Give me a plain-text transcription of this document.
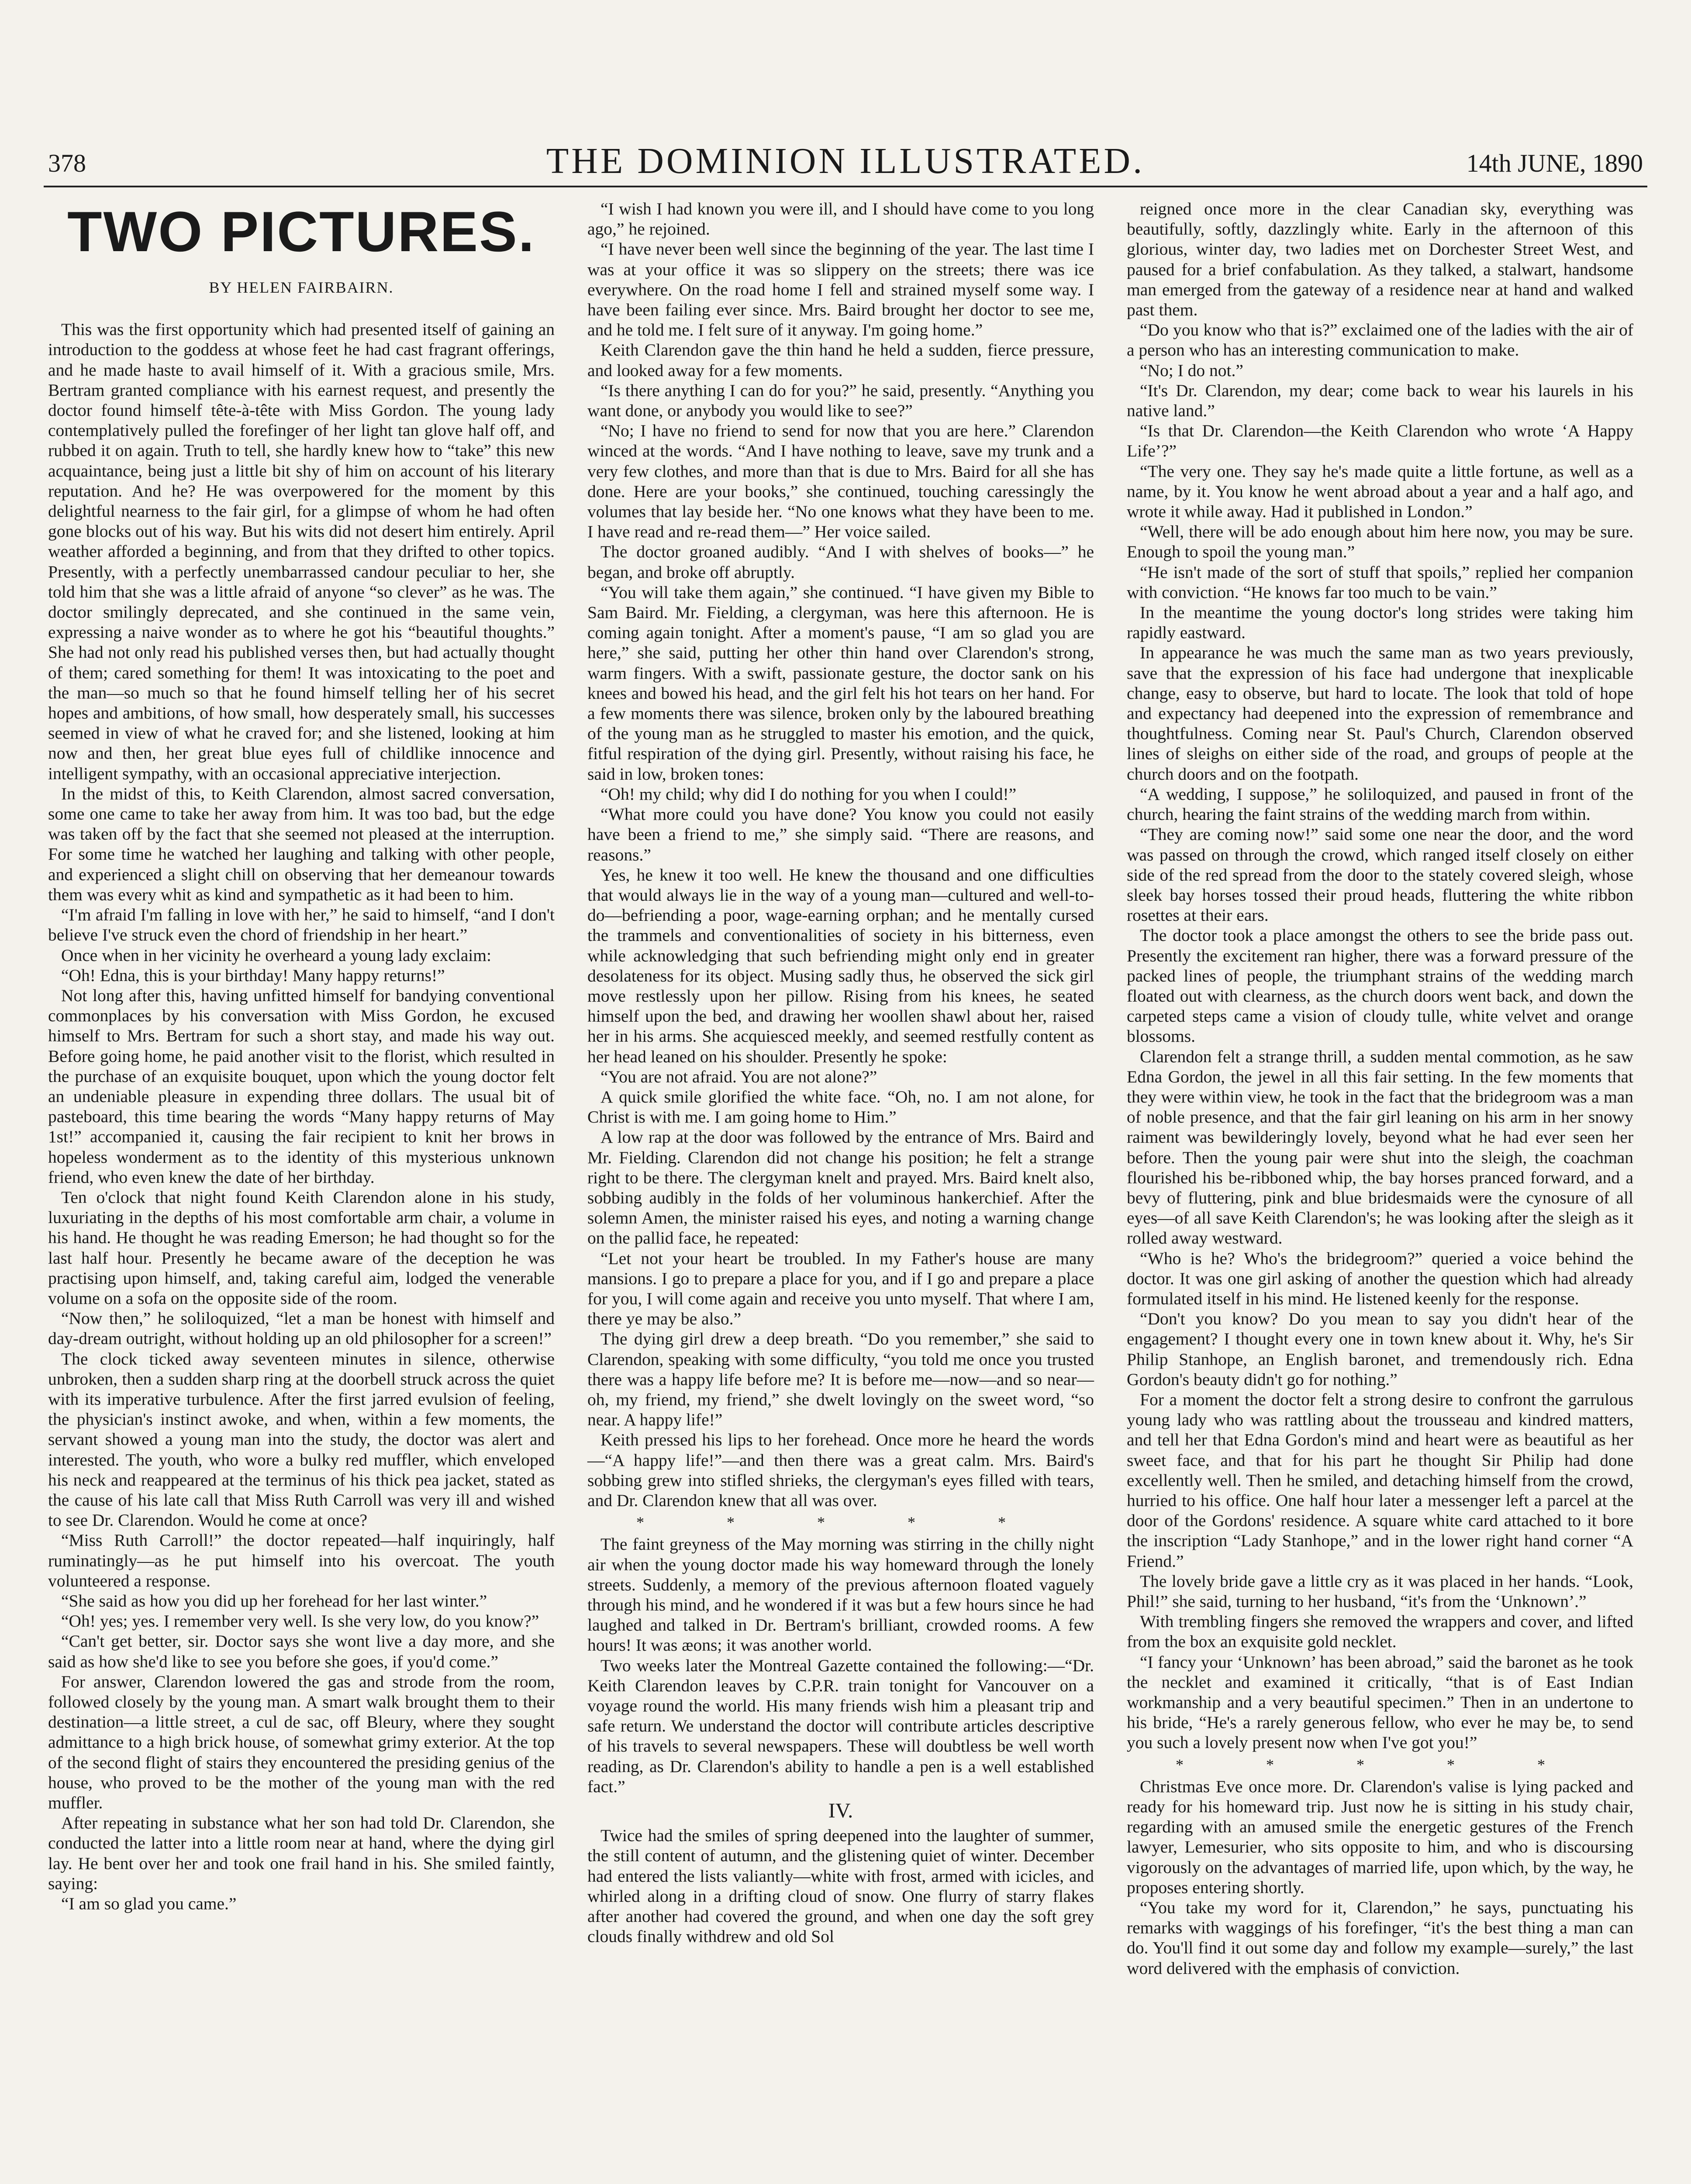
378	THE DOMINION ILLUSTRATED.	14th JUNE, 1890
TWO PICTURES.
BY HELEN FAIRBAIRN.

This was the first opportunity which had presented itself of gaining an introduction to the goddess at whose feet he had cast fragrant offerings, and he made haste to avail himself of it. With a gracious smile, Mrs. Bertram granted compliance with his earnest request, and presently the doctor found himself tête-à-tête with Miss Gordon. The young lady contemplatively pulled the forefinger of her light tan glove half off, and rubbed it on again. Truth to tell, she hardly knew how to “take” this new acquaintance, being just a little bit shy of him on account of his literary reputation. And he? He was overpowered for the moment by this delightful nearness to the fair girl, for a glimpse of whom he had often gone blocks out of his way. But his wits did not desert him entirely. April weather afforded a beginning, and from that they drifted to other topics. Presently, with a perfectly unembarrassed candour peculiar to her, she told him that she was a little afraid of anyone “so clever” as he was. The doctor smilingly deprecated, and she continued in the same vein, expressing a naive wonder as to where he got his “beautiful thoughts.” She had not only read his published verses then, but had actually thought of them; cared something for them! It was intoxicating to the poet and the man—so much so that he found himself telling her of his secret hopes and ambitions, of how small, how desperately small, his successes seemed in view of what he craved for; and she listened, looking at him now and then, her great blue eyes full of childlike innocence and intelligent sympathy, with an occasional appreciative interjection.

In the midst of this, to Keith Clarendon, almost sacred conversation, some one came to take her away from him. It was too bad, but the edge was taken off by the fact that she seemed not pleased at the interruption. For some time he watched her laughing and talking with other people, and experienced a slight chill on observing that her demeanour towards them was every whit as kind and sympathetic as it had been to him.

“I'm afraid I'm falling in love with her,” he said to himself, “and I don't believe I've struck even the chord of friendship in her heart.”

Once when in her vicinity he overheard a young lady exclaim:

“Oh! Edna, this is your birthday! Many happy returns!”

Not long after this, having unfitted himself for bandying conventional commonplaces by his conversation with Miss Gordon, he excused himself to Mrs. Bertram for such a short stay, and made his way out. Before going home, he paid another visit to the florist, which resulted in the purchase of an exquisite bouquet, upon which the young doctor felt an undeniable pleasure in expending three dollars. The usual bit of pasteboard, this time bearing the words “Many happy returns of May 1st!” accompanied it, causing the fair recipient to knit her brows in hopeless wonderment as to the identity of this mysterious unknown friend, who even knew the date of her birthday.

Ten o'clock that night found Keith Clarendon alone in his study, luxuriating in the depths of his most comfortable arm chair, a volume in his hand. He thought he was reading Emerson; he had thought so for the last half hour. Presently he became aware of the deception he was practising upon himself, and, taking careful aim, lodged the venerable volume on a sofa on the opposite side of the room.

“Now then,” he soliloquized, “let a man be honest with himself and day-dream outright, without holding up an old philosopher for a screen!”

The clock ticked away seventeen minutes in silence, otherwise unbroken, then a sudden sharp ring at the doorbell struck across the quiet with its imperative turbulence. After the first jarred evulsion of feeling, the physician's instinct awoke, and when, within a few moments, the servant showed a young man into the study, the doctor was alert and interested. The youth, who wore a bulky red muffler, which enveloped his neck and reappeared at the terminus of his thick pea jacket, stated as the cause of his late call that Miss Ruth Carroll was very ill and wished to see Dr. Clarendon. Would he come at once?

“Miss Ruth Carroll!” the doctor repeated—half inquiringly, half ruminatingly—as he put himself into his overcoat. The youth volunteered a response.

“She said as how you did up her forehead for her last winter.”

“Oh! yes; yes. I remember very well. Is she very low, do you know?”

“Can't get better, sir. Doctor says she wont live a day more, and she said as how she'd like to see you before she goes, if you'd come.”

For answer, Clarendon lowered the gas and strode from the room, followed closely by the young man. A smart walk brought them to their destination—a little street, a cul de sac, off Bleury, where they sought admittance to a high brick house, of somewhat grimy exterior. At the top of the second flight of stairs they encountered the presiding genius of the house, who proved to be the mother of the young man with the red muffler.

After repeating in substance what her son had told Dr. Clarendon, she conducted the latter into a little room near at hand, where the dying girl lay. He bent over her and took one frail hand in his. She smiled faintly, saying:

“I am so glad you came.”

“I wish I had known you were ill, and I should have come to you long ago,” he rejoined.

“I have never been well since the beginning of the year. The last time I was at your office it was so slippery on the streets; there was ice everywhere. On the road home I fell and strained myself some way. I have been failing ever since. Mrs. Baird brought her doctor to see me, and he told me. I felt sure of it anyway. I'm going home.”

Keith Clarendon gave the thin hand he held a sudden, fierce pressure, and looked away for a few moments.

“Is there anything I can do for you?” he said, presently. “Anything you want done, or anybody you would like to see?”

“No; I have no friend to send for now that you are here.” Clarendon winced at the words. “And I have nothing to leave, save my trunk and a very few clothes, and more than that is due to Mrs. Baird for all she has done. Here are your books,” she continued, touching caressingly the volumes that lay beside her. “No one knows what they have been to me. I have read and re-read them—” Her voice sailed.

The doctor groaned audibly. “And I with shelves of books—” he began, and broke off abruptly.

“You will take them again,” she continued. “I have given my Bible to Sam Baird. Mr. Fielding, a clergyman, was here this afternoon. He is coming again tonight. After a moment's pause, “I am so glad you are here,” she said, putting her other thin hand over Clarendon's strong, warm fingers. With a swift, passionate gesture, the doctor sank on his knees and bowed his head, and the girl felt his hot tears on her hand. For a few moments there was silence, broken only by the laboured breathing of the young man as he struggled to master his emotion, and the quick, fitful respiration of the dying girl. Presently, without raising his face, he said in low, broken tones:

“Oh! my child; why did I do nothing for you when I could!”

“What more could you have done? You know you could not easily have been a friend to me,” she simply said. “There are reasons, and reasons.”

Yes, he knew it too well. He knew the thousand and one difficulties that would always lie in the way of a young man—cultured and well-to-do—befriending a poor, wage-earning orphan; and he mentally cursed the trammels and conventionalities of society in his bitterness, even while acknowledging that such befriending might only end in greater desolateness for its object. Musing sadly thus, he observed the sick girl move restlessly upon her pillow. Rising from his knees, he seated himself upon the bed, and drawing her woollen shawl about her, raised her in his arms. She acquiesced meekly, and seemed restfully content as her head leaned on his shoulder. Presently he spoke:

“You are not afraid. You are not alone?”

A quick smile glorified the white face. “Oh, no. I am not alone, for Christ is with me. I am going home to Him.”

A low rap at the door was followed by the entrance of Mrs. Baird and Mr. Fielding. Clarendon did not change his position; he felt a strange right to be there. The clergyman knelt and prayed. Mrs. Baird knelt also, sobbing audibly in the folds of her voluminous hankerchief. After the solemn Amen, the minister raised his eyes, and noting a warning change on the pallid face, he repeated:

“Let not your heart be troubled. In my Father's house are many mansions. I go to prepare a place for you, and if I go and prepare a place for you, I will come again and receive you unto myself. That where I am, there ye may be also.”

The dying girl drew a deep breath. “Do you remember,” she said to Clarendon, speaking with some difficulty, “you told me once you trusted there was a happy life before me? It is before me—now—and so near—oh, my friend, my friend,” she dwelt lovingly on the sweet word, “so near. A happy life!”

Keith pressed his lips to her forehead. Once more he heard the words—“A happy life!”—and then there was a great calm. Mrs. Baird's sobbing grew into stifled shrieks, the clergyman's eyes filled with tears, and Dr. Clarendon knew that all was over.

* * * * *

The faint greyness of the May morning was stirring in the chilly night air when the young doctor made his way homeward through the lonely streets. Suddenly, a memory of the previous afternoon floated vaguely through his mind, and he wondered if it was but a few hours since he had laughed and talked in Dr. Bertram's brilliant, crowded rooms. A few hours! It was æons; it was another world.

Two weeks later the Montreal Gazette contained the following:—“Dr. Keith Clarendon leaves by C.P.R. train tonight for Vancouver on a voyage round the world. His many friends wish him a pleasant trip and safe return. We understand the doctor will contribute articles descriptive of his travels to several newspapers. These will doubtless be well worth reading, as Dr. Clarendon's ability to handle a pen is a well established fact.”

IV.

Twice had the smiles of spring deepened into the laughter of summer, the still content of autumn, and the glistening quiet of winter. December had entered the lists valiantly—white with frost, armed with icicles, and whirled along in a drifting cloud of snow. One flurry of starry flakes after another had covered the ground, and when one day the soft grey clouds finally withdrew and old Sol

reigned once more in the clear Canadian sky, everything was beautifully, softly, dazzlingly white. Early in the afternoon of this glorious, winter day, two ladies met on Dorchester Street West, and paused for a brief confabulation. As they talked, a stalwart, handsome man emerged from the gateway of a residence near at hand and walked past them.

“Do you know who that is?” exclaimed one of the ladies with the air of a person who has an interesting communication to make.

“No; I do not.”

“It's Dr. Clarendon, my dear; come back to wear his laurels in his native land.”

“Is that Dr. Clarendon—the Keith Clarendon who wrote ‘A Happy Life’?”

“The very one. They say he's made quite a little fortune, as well as a name, by it. You know he went abroad about a year and a half ago, and wrote it while away. Had it published in London.”

“Well, there will be ado enough about him here now, you may be sure. Enough to spoil the young man.”

“He isn't made of the sort of stuff that spoils,” replied her companion with conviction. “He knows far too much to be vain.”

In the meantime the young doctor's long strides were taking him rapidly eastward.

In appearance he was much the same man as two years previously, save that the expression of his face had undergone that inexplicable change, easy to observe, but hard to locate. The look that told of hope and expectancy had deepened into the expression of remembrance and thoughtfulness. Coming near St. Paul's Church, Clarendon observed lines of sleighs on either side of the road, and groups of people at the church doors and on the footpath.

“A wedding, I suppose,” he soliloquized, and paused in front of the church, hearing the faint strains of the wedding march from within.

“They are coming now!” said some one near the door, and the word was passed on through the crowd, which ranged itself closely on either side of the red spread from the door to the stately covered sleigh, whose sleek bay horses tossed their proud heads, fluttering the white ribbon rosettes at their ears.

The doctor took a place amongst the others to see the bride pass out. Presently the excitement ran higher, there was a forward pressure of the packed lines of people, the triumphant strains of the wedding march floated out with clearness, as the church doors went back, and down the carpeted steps came a vision of cloudy tulle, white velvet and orange blossoms.

Clarendon felt a strange thrill, a sudden mental commotion, as he saw Edna Gordon, the jewel in all this fair setting. In the few moments that they were within view, he took in the fact that the bridegroom was a man of noble presence, and that the fair girl leaning on his arm in her snowy raiment was bewilderingly lovely, beyond what he had ever seen her before. Then the young pair were shut into the sleigh, the coachman flourished his be-ribboned whip, the bay horses pranced forward, and a bevy of fluttering, pink and blue bridesmaids were the cynosure of all eyes—of all save Keith Clarendon's; he was looking after the sleigh as it rolled away westward.

“Who is he? Who's the bridegroom?” queried a voice behind the doctor. It was one girl asking of another the question which had already formulated itself in his mind. He listened keenly for the response.

“Don't you know? Do you mean to say you didn't hear of the engagement? I thought every one in town knew about it. Why, he's Sir Philip Stanhope, an English baronet, and tremendously rich. Edna Gordon's beauty didn't go for nothing.”

For a moment the doctor felt a strong desire to confront the garrulous young lady who was rattling about the trousseau and kindred matters, and tell her that Edna Gordon's mind and heart were as beautiful as her sweet face, and that for his part he thought Sir Philip had done excellently well. Then he smiled, and detaching himself from the crowd, hurried to his office. One half hour later a messenger left a parcel at the door of the Gordons' residence. A square white card attached to it bore the inscription “Lady Stanhope,” and in the lower right hand corner “A Friend.”

The lovely bride gave a little cry as it was placed in her hands. “Look, Phil!” she said, turning to her husband, “it's from the ‘Unknown’.”

With trembling fingers she removed the wrappers and cover, and lifted from the box an exquisite gold necklet.

“I fancy your ‘Unknown’ has been abroad,” said the baronet as he took the necklet and examined it critically, “that is of East Indian workmanship and a very beautiful specimen.” Then in an undertone to his bride, “He's a rarely generous fellow, who ever he may be, to send you such a lovely present now when I've got you!”

* * * * *

Christmas Eve once more. Dr. Clarendon's valise is lying packed and ready for his homeward trip. Just now he is sitting in his study chair, regarding with an amused smile the energetic gestures of the French lawyer, Lemesurier, who sits opposite to him, and who is discoursing vigorously on the advantages of married life, upon which, by the way, he proposes entering shortly.

“You take my word for it, Clarendon,” he says, punctuating his remarks with waggings of his forefinger, “it's the best thing a man can do. You'll find it out some day and follow my example—surely,” the last word delivered with the emphasis of conviction.
